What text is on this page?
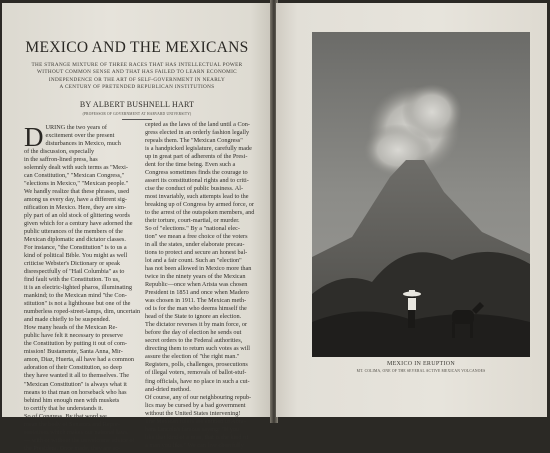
MEXICO AND THE MEXICANS
THE STRANGE MIXTURE OF THREE RACES THAT HAS INTELLECTUAL POWER
WITHOUT COMMON SENSE AND THAT HAS FAILED TO LEARN ECONOMIC
INDEPENDENCE OR THE ART OF SELF-GOVERNMENT IN NEARLY
A CENTURY OF PRETENDED REPUBLICAN INSTITUTIONS
BY ALBERT BUSHNELL HART
(PROFESSOR OF GOVERNMENT AT HARVARD UNIVERSITY)
D URING the two years of
excitement over the present
disturbances in Mexico, much
of the discussion, especially
in the saffron-lined press, has
solemnly dealt with such terms as "Mexi-
can Constitution," "Mexican Congress,"
"elections in Mexico," "Mexican people."
We handly realize that these phrases, used
among us every day, have a different sig-
nification in Mexico. Here, they are sim-
ply part of an old stock of glittering words
given which for a century have adorned the
public utterances of the members of the
Mexican diplomatic and dictator classes.
For instance, "the Constitution" is to us a
kind of political Bible. You might as well
criticise Webster's Dictionary or speak
disrespectfully of "Hail Columbia" as to
find fault with the Constitution. To us,
it is an electric-lighted pharos, illuminating
mankind; to the Mexican mind "the Con-
stitution" is not a lighthouse but one of the
numberless roped-street-lamps, dim, uncertain
and made chiefly to be suspended.
How many heads of the Mexican Re-
public have felt it necessary to preserve
the Constitution by putting it out of com-
mission! Bustamente, Santa Anna, Mir-
amon, Diaz, Huerta, all have had a common
adoration of their Constitution, so deep
they have wanted it all to themselves. The
"Mexican Constitution" is always what it
means to that man on horseback who has
behind him enough men with muskets
to certify that he understands it.
So of Congress. By that word we
mean the body of Senators and Repre-
sentatives which makes our national laws
— with or without the unwelcome advice of
the President. Once made, they are ac-
cepted as the laws of the land until a Con-
gress elected in an orderly fashion legally
repeals them. The "Mexican Congress"
is a handpicked legislature, carefully made
up in great part of adherents of the Presi-
dent for the time being. Even such a
Congress sometimes finds the courage to
assert its constitutional rights and to criti-
cise the conduct of public business. Al-
most invariably, such attempts lead to the
breaking up of Congress by armed force, or
to the arrest of the outspoken members, and
their torture, court-martial, or murder.
So of "elections." By a "national elec-
tion" we mean a free choice of the voters
in all the states, under elaborate precau-
tions to protect and secure an honest bal-
lot and a fair count. Such an "election"
has not been allowed in Mexico more than
twice in the ninety years of the Mexican
Republic—once when Arista was chosen
President in 1851 and once when Madero
was chosen in 1911. The Mexican meth-
od is for the man who deems himself the
head of the State to ignore an election.
The dictator reverses it by main force, or
before the day of election he sends out
secret orders to the Federal authorities,
directing them to return such votes as will
assure the election of "the right man."
Registers, polls, challenges, prosecutions
of illegal voters, removals of ballot-stuf-
fing officials, have no place in such a cut-
and-dried method.
Of course, any of our neighbouring repub-
lics may be cursed by a bad government
without the United States intervening!
The Mexican rulers are entitled to Abra-
ham Lincoln's famous saying: "If you
like that kind of a man, that is the kind of
a man you like." We can live cheerfully
MEXICO IN ERUPTION
MT. COLIMA, ONE OF THE SEVERAL ACTIVE MEXICAN VOLCANOES
